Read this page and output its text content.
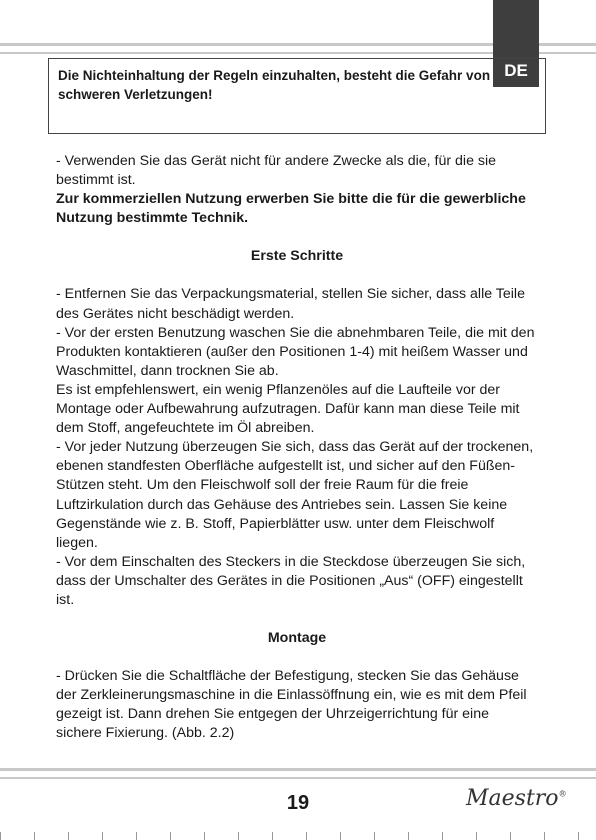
DE
Die Nichteinhaltung der Regeln einzuhalten, besteht die Gefahr von schweren Verletzungen!

- Verwenden Sie das Gerät nicht für andere Zwecke als die, für die sie bestimmt ist.

Zur kommerziellen Nutzung erwerben Sie bitte die für die gewerbliche Nutzung bestimmte Technik.

Erste Schritte

- Entfernen Sie das Verpackungsmaterial, stellen Sie sicher, dass alle Teile des Gerätes nicht beschädigt werden.

- Vor der ersten Benutzung waschen Sie die abnehmbaren Teile, die mit den Produkten kontaktieren (außer den Positionen 1-4) mit heißem Wasser und Waschmittel, dann trocknen Sie ab.

Es ist empfehlenswert, ein wenig Pflanzenöles auf die Laufteile vor der Montage oder Aufbewahrung aufzutragen. Dafür kann man diese Teile mit dem Stoff, angefeuchtete im Öl abreiben.

- Vor jeder Nutzung überzeugen Sie sich, dass das Gerät auf der trockenen, ebenen standfesten Oberfläche aufgestellt ist, und sicher auf den Füßen-Stützen steht. Um den Fleischwolf soll der freie Raum für die freie Luftzirkulation durch das Gehäuse des Antriebes sein. Lassen Sie keine Gegenstände wie z. B. Stoff, Papierblätter usw. unter dem Fleischwolf liegen.

- Vor dem Einschalten des Steckers in die Steckdose überzeugen Sie sich, dass der Umschalter des Gerätes in die Positionen „Aus“ (OFF) eingestellt ist.

Montage

- Drücken Sie die Schaltfläche der Befestigung, stecken Sie das Gehäuse der Zerkleinerungsmaschine in die Einlassöffnung ein, wie es mit dem Pfeil gezeigt ist. Dann drehen Sie entgegen der Uhrzeigerrichtung für eine sichere Fixierung. (Abb. 2.2)

19	Maestro®
